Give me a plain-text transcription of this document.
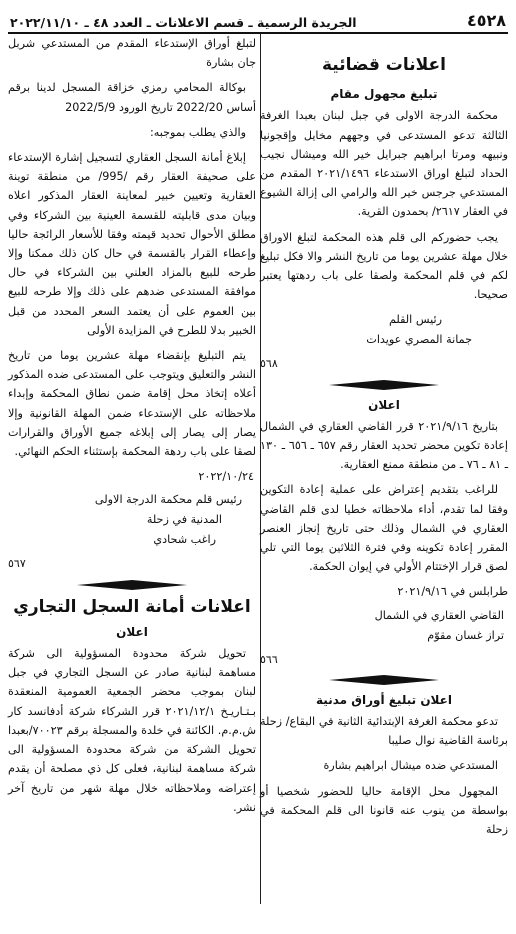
٤٥٢٨
الجريدة الرسمية ـ قسم الاعلانات ـ العدد ٤٨ ـ ٢٠٢٢/١١/١٠
اعلانات قضائية
تبليغ مجهول مقام

محكمة الدرجة الاولى في جبل لبنان بعبدا الغرفة الثالثة تدعو المستدعى في وجههم مخايل وإقجونيا ونبيهه ومرتا ابراهيم جبرايل خير الله وميشال نجيب الحداد لتبلغ اوراق الاستدعاء ٢٠٢١/١٤٩٦ المقدم من المستدعي جرجس خير الله والرامي الى إزالة الشيوع في العقار ٢٦١٧/ بحمدون القرية.

يجب حضوركم الى قلم هذه المحكمة لتبلغ الاوراق خلال مهلة عشرين يوما من تاريخ النشر والا فكل تبليغ لكم في قلم المحكمة ولصقا على باب ردهتها يعتبر صحيحا.

رئيس القلم
جمانة المصري عويدات
٥٦٨
اعلان

بتاريخ ٢٠٢١/٩/١٦ قرر القاضي العقاري في الشمال إعادة تكوين محضر تحديد العقار رقم ٦٥٧ ـ ٦٥٦ ـ ١٣٠ ـ ٨١ ـ ٧٦ ـ من منطقة ممنع العقارية.

للراغب بتقديم إعتراض على عملية إعادة التكوين وفقا لما تقدم، أداء ملاحظاته خطيا لدى قلم القاضي العقاري في الشمال وذلك حتى تاريخ إنجاز العنصر المقرر إعادة تكوينه وفي فترة الثلاثين يوما التي تلي لصق قرار الإختتام الأولي في إيوان الحكمة.

طرابلس في ٢٠٢١/٩/١٦
القاضي العقاري في الشمال
تراز غسان مقوّم
٥٦٦
اعلان تبليغ أوراق مدنية

تدعو محكمة الغرفة الإبتدائية الثانية في البقاع/ زحلة برئاسة القاضية نوال صليبا

المستدعي ضده ميشال ابراهيم بشارة

المجهول محل الإقامة حاليا للحضور شخصيا أو بواسطة من ينوب عنه قانونا الى قلم المحكمة في زحلة

لتبلغ أوراق الإستدعاء المقدم من المستدعي شربل جان بشارة

بوكالة المحامي رمزي خزاقة المسجل لدينا برقم أساس 2022/20 تاريخ الورود 2022/5/9

والذي يطلب بموجبه:

إبلاغ أمانة السجل العقاري لتسجيل إشارة الإستدعاء على صحيفة العقار رقم /995/ من منطقة توينة العقارية وتعيين خبير لمعاينة العقار المذكور اعلاه وبيان مدى قابليته للقسمة العينية بين الشركاء وفي مطلق الأحوال تحديد قيمته وفقا للأسعار الرائجة حاليا وإعطاء القرار بالقسمة في حال كان ذلك ممكنا وإلا طرحه للبيع بالمزاد العلني بين الشركاء في حال موافقة المستدعى ضدهم على ذلك وإلا طرحه للبيع بين العموم على أن يعتمد السعر المحدد من قبل الخبير بدلا للطرح في المزايدة الأولى

يتم التبليغ بإنقضاء مهلة عشرين يوما من تاريخ النشر والتعليق ويتوجب على المستدعى ضده المذكور أعلاه إتخاذ محل إقامة ضمن نطاق المحكمة وإبداء ملاحظاته على الإستدعاء ضمن المهلة القانونية وإلا يصار إلى يصار إلى إبلاغه جميع الأوراق والقرارات لصقا على باب ردهة المحكمة بإستثناء الحكم النهائي.

٢٠٢٢/١٠/٢٤
رئيس قلم محكمة الدرجة الاولى
المدنية في زحلة
راغب شحادي
٥٦٧
اعلانات أمانة السجل التجاري
اعلان

تحويل شركة محدودة المسؤولية الى شركة مساهمة لبنانية صادر عن السجل التجاري في جبل لبنان بموجب محضر الجمعية العمومية المنعقدة بـتـاريـخ ٢٠٢١/١٢/١ قرر الشركاء شركة أدفانسد كار ش.م.م. الكائنة في خلدة والمسجلة برقم ٧٠٠٢٣/بعبدا تحويل الشركة من شركة محدودة المسؤولية الى شركة مساهمة لبنانية، فعلى كل ذي مصلحة أن يقدم إعتراضه وملاحظاته خلال مهلة شهر من تاريخ آخر نشر.
